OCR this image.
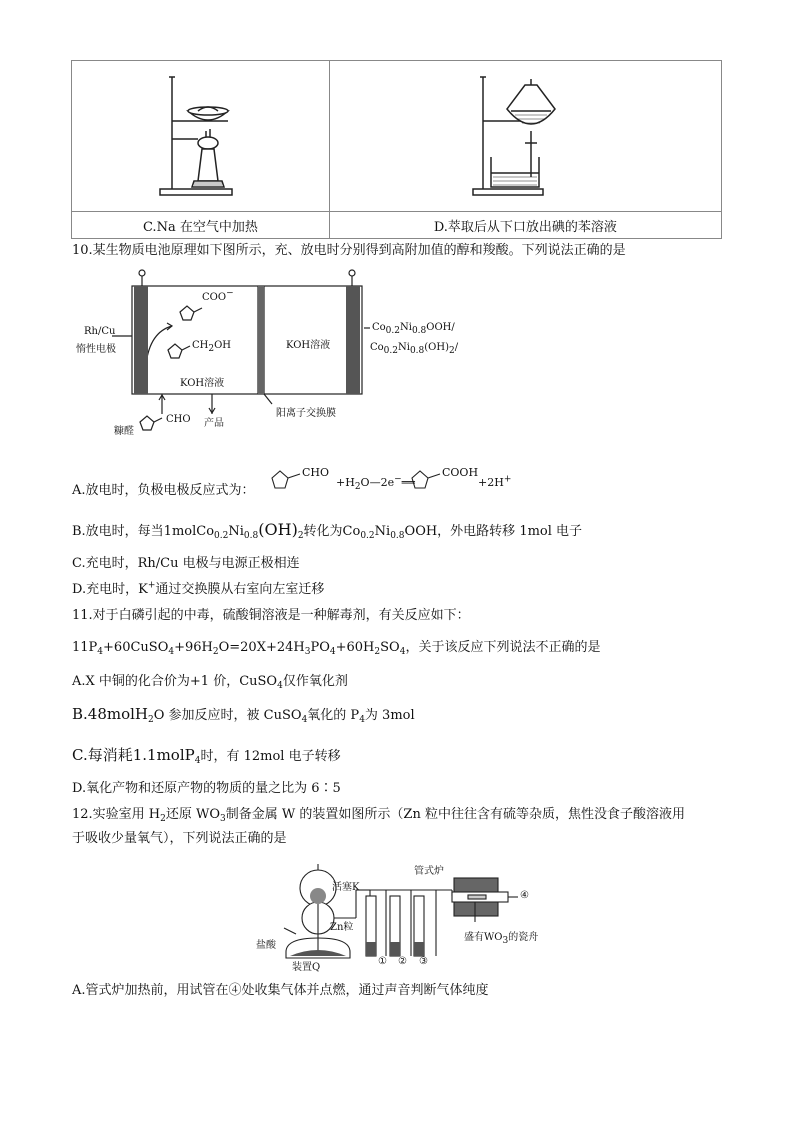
C.Na 在空气中加热	D.萃取后从下口放出碘的苯溶液
10.某生物质电池原理如下图所示，充、放电时分别得到高附加值的醇和羧酸。下列说法正确的是
COO−
$CH_2OH$
KOH溶液
KOH溶液
Rh/Cu
惰性电极
阳离子交换膜
糠醛
CHO 产品
$Co_{0.2}Ni_{0.8}OOH/$
$Co_{0.2}Ni_{0.8}(OH)_2/$
A.放电时，负极电极反应式为：
CHO
$+H_2O—2e^-══$
COOH
+2H+
B.放电时，每当$1molCo_{0.2}Ni_{0.8}(OH)_2$转化为$Co_{0.2}Ni_{0.8}OOH$，外电路转移 1mol 电子
C.充电时，Rh/Cu 电极与电源正极相连
D.充电时，K+通过交换膜从右室向左室迁移
11.对于白磷引起的中毒，硫酸铜溶液是一种解毒剂，有关反应如下：
$11P_4+60CuSO_4+96H_2O=20X+24H_3PO_4+60H_2SO_4$，关于该反应下列说法不正确的是
A.X 中铜的化合价为+1 价，CuSO$_4$仅作氧化剂
B.48molH$_2$O 参加反应时，被 CuSO$_4$氧化的 $P_4$为 3mol
C.每消耗1.1molP$_4$时，有 12mol 电子转移
D.氧化产物和还原产物的物质的量之比为 6∶5
12.实验室用 $H_2$还原 $WO_3$制备金属 W 的装置如图所示（Zn 粒中往往含有硫等杂质，焦性没食子酸溶液用
于吸收少量氧气），下列说法正确的是
管式炉
活塞K
Zn粒
盐酸
装置Q
盛有$WO_3$的瓷舟
① ② ③
④
A.管式炉加热前，用试管在④处收集气体并点燃，通过声音判断气体纯度
